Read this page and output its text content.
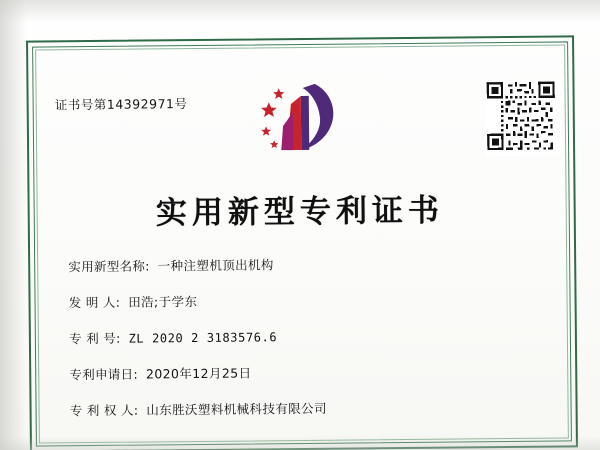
证书号第14392971号
实用新型专利证书
实用新型名称: 一种注塑机顶出机构
发 明 人: 田浩;于学东
专 利 号: ZL 2020 2 3183576.6
专利申请日: 2020年12月25日
专 利 权 人: 山东胜沃塑料机械科技有限公司
